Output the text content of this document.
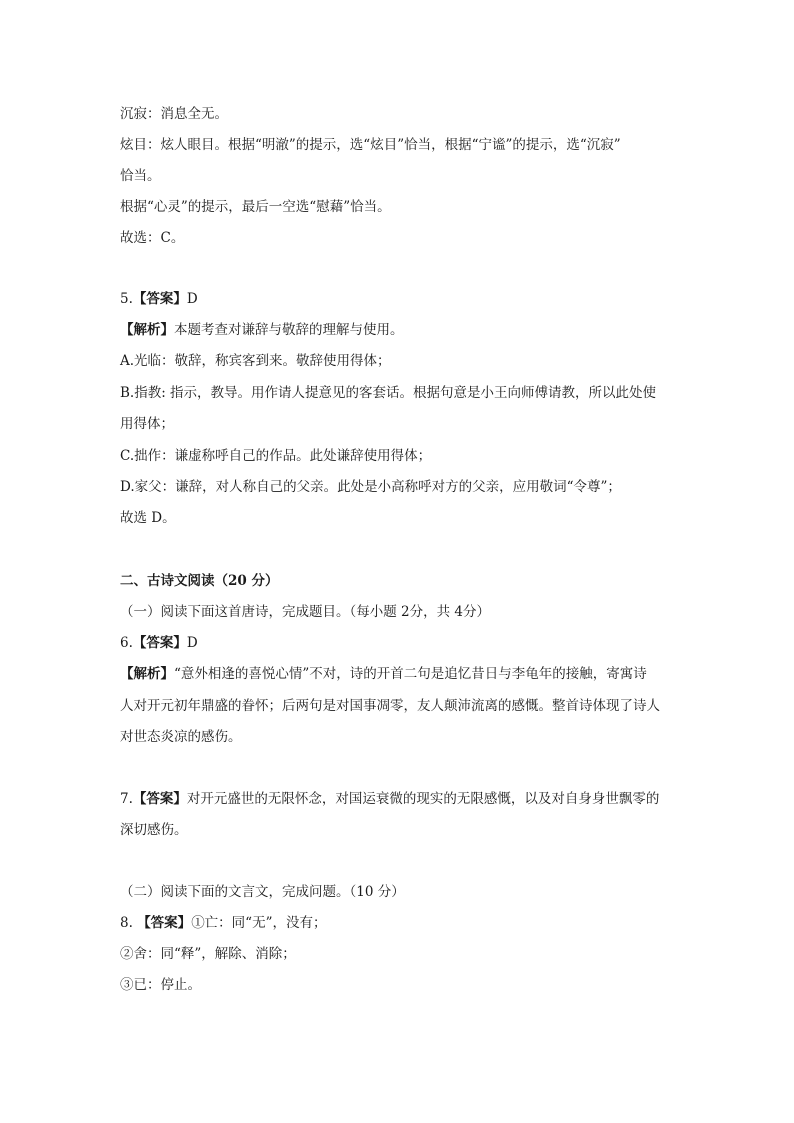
沉寂：消息全无。
炫目：炫人眼目。根据“明澈”的提示，选“炫目”恰当，根据“宁谧”的提示，选“沉寂”
恰当。
根据“心灵”的提示，最后一空选“慰藉”恰当。
故选：C。
5.【答案】D
【解析】本题考查对谦辞与敬辞的理解与使用。
A.光临：敬辞，称宾客到来。敬辞使用得体；
B.指教: 指示，教导。用作请人提意见的客套话。根据句意是小王向师傅请教，所以此处使
用得体；
C.拙作：谦虚称呼自己的作品。此处谦辞使用得体；
D.家父：谦辞，对人称自己的父亲。此处是小高称呼对方的父亲，应用敬词“令尊”；
故选 D。
二、古诗文阅读（20 分）
（一）阅读下面这首唐诗，完成题目。（每小题 2分，共 4分）
6.【答案】D
【解析】“意外相逢的喜悦心情”不对，诗的开首二句是追忆昔日与李龟年的接触，寄寓诗
人对开元初年鼎盛的眷怀；后两句是对国事凋零，友人颠沛流离的感慨。整首诗体现了诗人
对世态炎凉的感伤。
7.【答案】对开元盛世的无限怀念，对国运衰微的现实的无限感慨，以及对自身身世飘零的
深切感伤。
（二）阅读下面的文言文，完成问题。（10 分）
8. 【答案】①亡：同“无”，没有；
②舍：同“释”，解除、消除；
③已：停止。
